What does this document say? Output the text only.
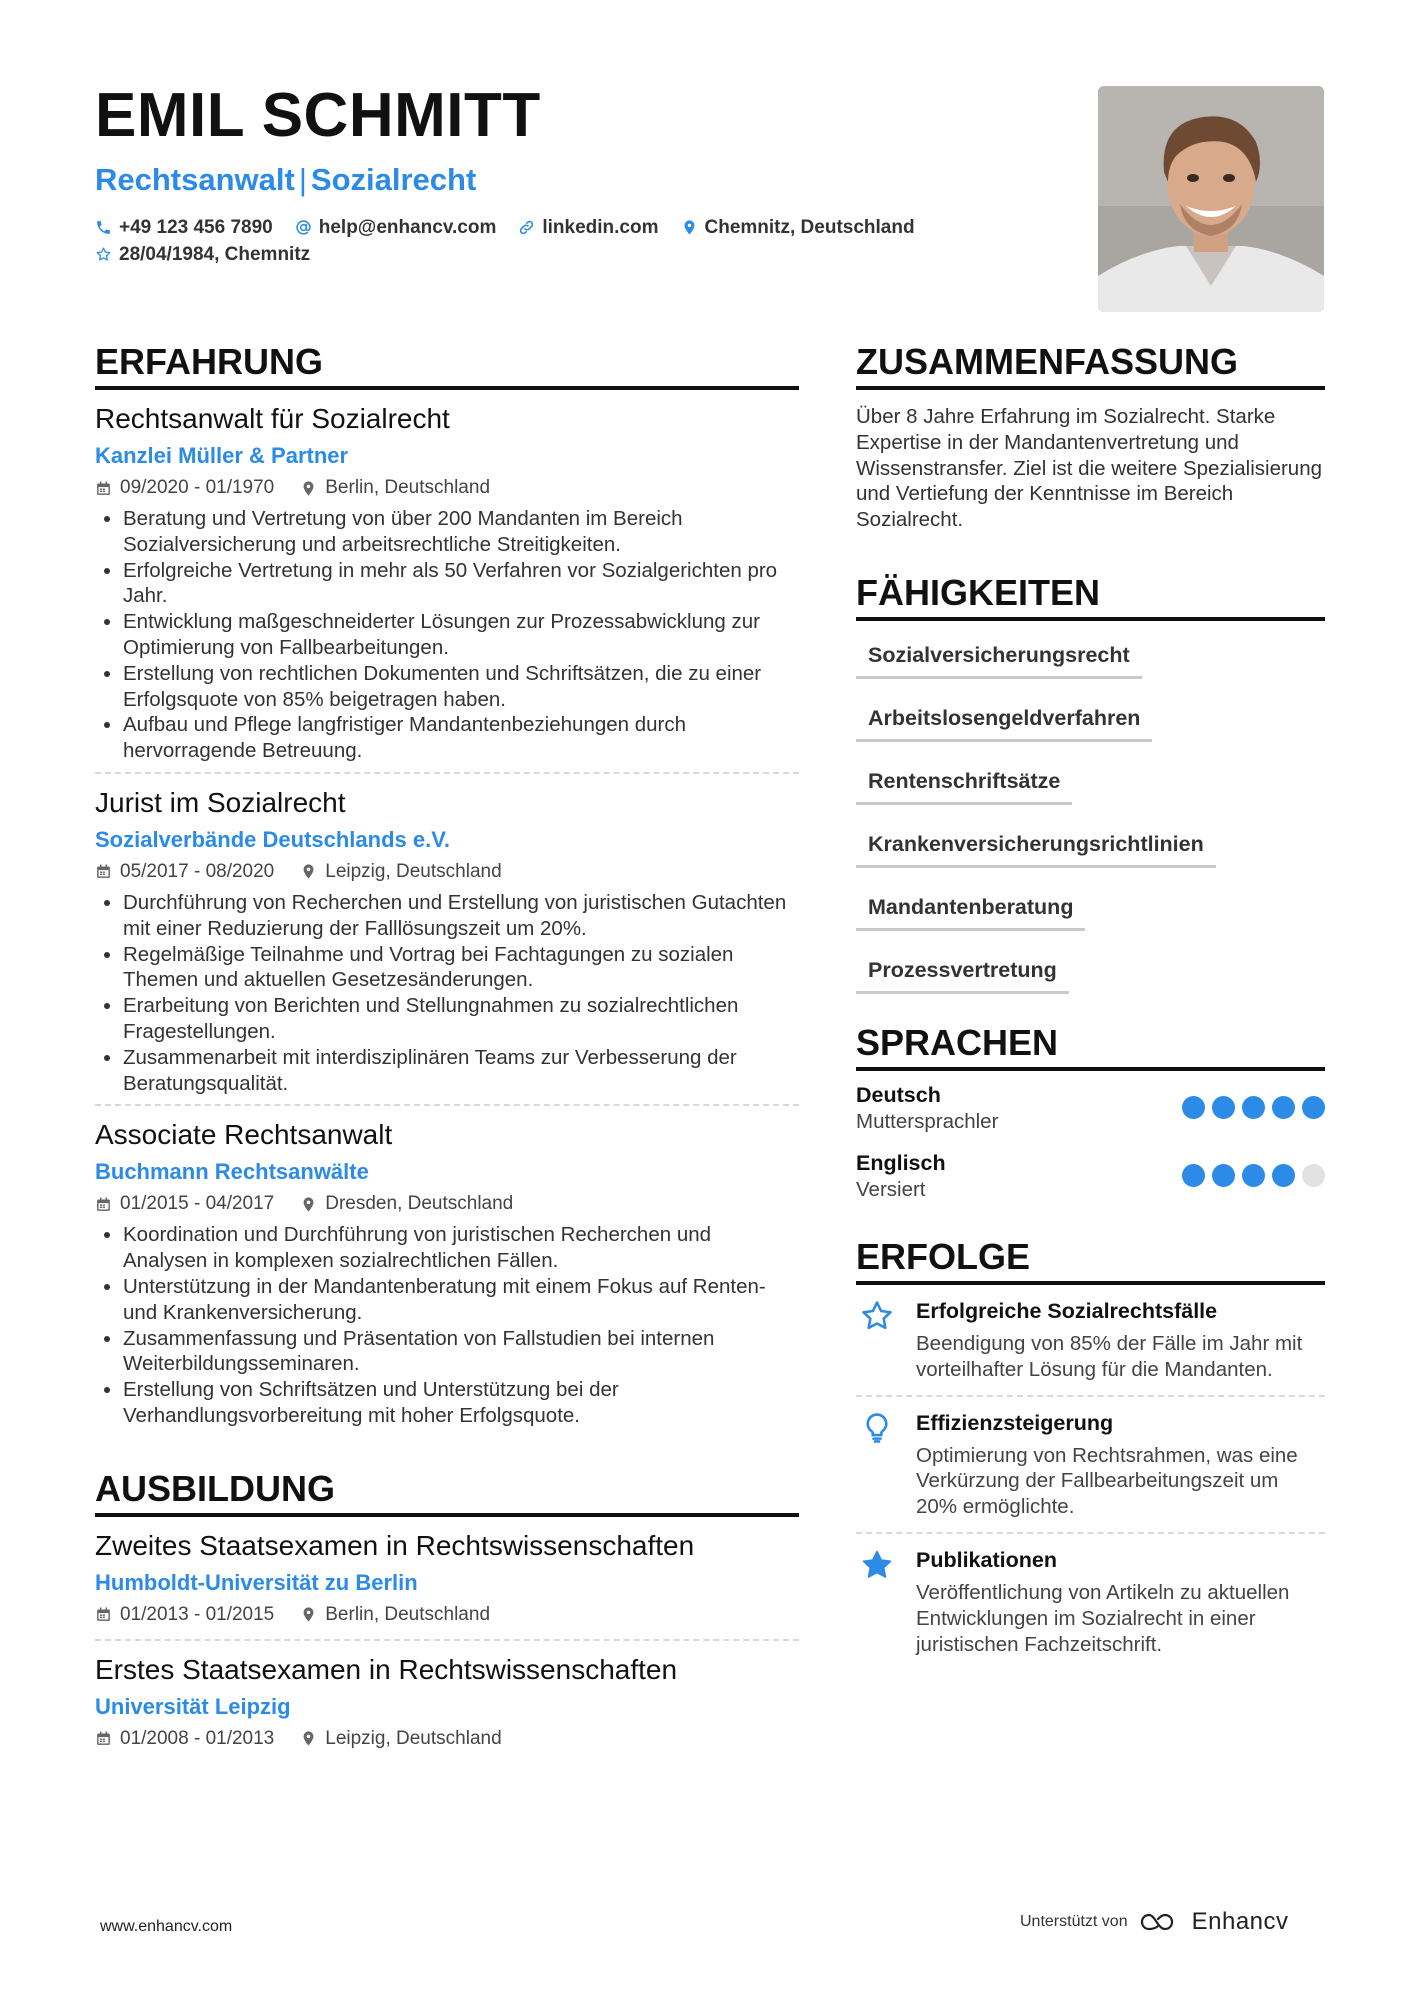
EMIL SCHMITT
Rechtsanwalt | Sozialrecht
+49 123 456 7890 help@enhancv.com linkedin.com Chemnitz, Deutschland
28/04/1984, Chemnitz
ERFAHRUNG
Rechtsanwalt für Sozialrecht
Kanzlei Müller & Partner
09/2020 - 01/1970	Berlin, Deutschland
• Beratung und Vertretung von über 200 Mandanten im Bereich Sozialversicherung und arbeitsrechtliche Streitigkeiten.
• Erfolgreiche Vertretung in mehr als 50 Verfahren vor Sozialgerichten pro Jahr.
• Entwicklung maßgeschneiderter Lösungen zur Prozessabwicklung zur Optimierung von Fallbearbeitungen.
• Erstellung von rechtlichen Dokumenten und Schriftsätzen, die zu einer Erfolgsquote von 85% beigetragen haben.
• Aufbau und Pflege langfristiger Mandantenbeziehungen durch hervorragende Betreuung.
Jurist im Sozialrecht
Sozialverbände Deutschlands e.V.
05/2017 - 08/2020	Leipzig, Deutschland
• Durchführung von Recherchen und Erstellung von juristischen Gutachten mit einer Reduzierung der Falllösungszeit um 20%.
• Regelmäßige Teilnahme und Vortrag bei Fachtagungen zu sozialen Themen und aktuellen Gesetzesänderungen.
• Erarbeitung von Berichten und Stellungnahmen zu sozialrechtlichen Fragestellungen.
• Zusammenarbeit mit interdisziplinären Teams zur Verbesserung der Beratungsqualität.
Associate Rechtsanwalt
Buchmann Rechtsanwälte
01/2015 - 04/2017	Dresden, Deutschland
• Koordination und Durchführung von juristischen Recherchen und Analysen in komplexen sozialrechtlichen Fällen.
• Unterstützung in der Mandantenberatung mit einem Fokus auf Renten- und Krankenversicherung.
• Zusammenfassung und Präsentation von Fallstudien bei internen Weiterbildungsseminaren.
• Erstellung von Schriftsätzen und Unterstützung bei der Verhandlungsvorbereitung mit hoher Erfolgsquote.
AUSBILDUNG
Zweites Staatsexamen in Rechtswissenschaften
Humboldt-Universität zu Berlin
01/2013 - 01/2015	Berlin, Deutschland
Erstes Staatsexamen in Rechtswissenschaften
Universität Leipzig
01/2008 - 01/2013	Leipzig, Deutschland
ZUSAMMENFASSUNG
Über 8 Jahre Erfahrung im Sozialrecht. Starke Expertise in der Mandantenvertretung und Wissenstransfer. Ziel ist die weitere Spezialisierung und Vertiefung der Kenntnisse im Bereich Sozialrecht.
FÄHIGKEITEN
Sozialversicherungsrecht
Arbeitslosengeldverfahren
Rentenschriftsätze
Krankenversicherungsrichtlinien
Mandantenberatung
Prozessvertretung
SPRACHEN
Deutsch
Muttersprachler
Englisch
Versiert
ERFOLGE
Erfolgreiche Sozialrechtsfälle
Beendigung von 85% der Fälle im Jahr mit vorteilhafter Lösung für die Mandanten.
Effizienzsteigerung
Optimierung von Rechtsrahmen, was eine Verkürzung der Fallbearbeitungszeit um 20% ermöglichte.
Publikationen
Veröffentlichung von Artikeln zu aktuellen Entwicklungen im Sozialrecht in einer juristischen Fachzeitschrift.
www.enhancv.com	Unterstützt von	Enhancv
